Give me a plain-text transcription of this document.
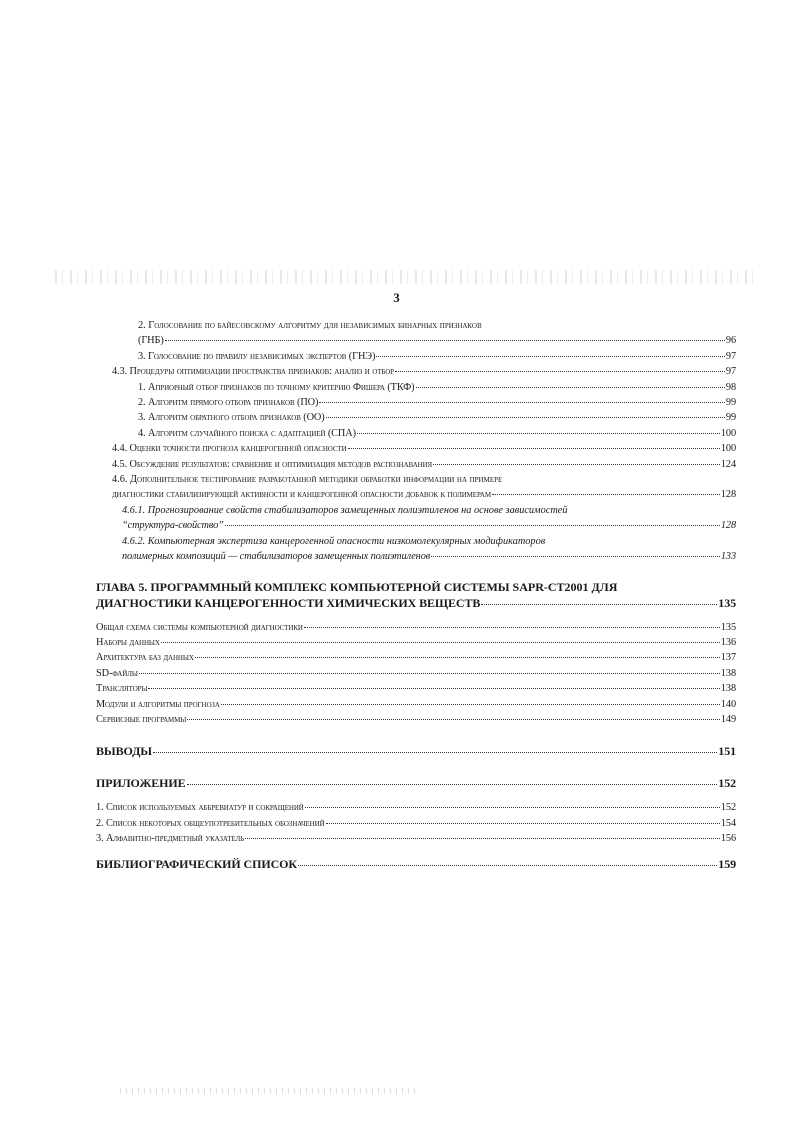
3
2. Голосование по байесовскому алгоритму для независимых бинарных признаков
(ГНБ)	96
3. Голосование по правилу независимых экспертов (ГНЭ)	97
4.3. Процедуры оптимизации пространства признаков: анализ и отбор	97
1. Априорный отбор признаков по точному критерию Фишера (ТКФ)	98
2. Алгоритм прямого отбора признаков (ПО)	99
3. Алгоритм обратного отбора признаков (ОО)	99
4. Алгоритм случайного поиска с адаптацией (СПА)	100
4.4. Оценки точности прогноза канцерогенной опасности	100
4.5. Обсуждение результатов: сравнение и оптимизация методов распознавания	124
4.6. Дополнительное тестирование разработанной методики обработки информации на примере
диагностики стабилизирующей активности и канцерогенной опасности добавок к полимерам	128
4.6.1. Прогнозирование свойств стабилизаторов замещенных полиэтиленов на основе зависимостей
“структура-свойство”	128
4.6.2. Компьютерная экспертиза канцерогенной опасности низкомолекулярных модификаторов
полимерных композиций — стабилизаторов замещенных полиэтиленов	133
ГЛАВА 5. ПРОГРАММНЫЙ КОМПЛЕКС КОМПЬЮТЕРНОЙ СИСТЕМЫ SAPR-CT2001 ДЛЯ
ДИАГНОСТИКИ КАНЦЕРОГЕННОСТИ ХИМИЧЕСКИХ ВЕЩЕСТВ	135
Общая схема системы компьютерной диагностики	135
Наборы данных	136
Архитектура баз данных	137
SD-файлы	138
Трансляторы	138
Модули и алгоритмы прогноза	140
Сервисные программы	149
ВЫВОДЫ	151
ПРИЛОЖЕНИЕ	152
1. Список используемых аббревиатур и сокращений	152
2. Список некоторых общеупотребительных обозначений	154
3. Алфавитно-предметный указатель	156
БИБЛИОГРАФИЧЕСКИЙ СПИСОК	159
